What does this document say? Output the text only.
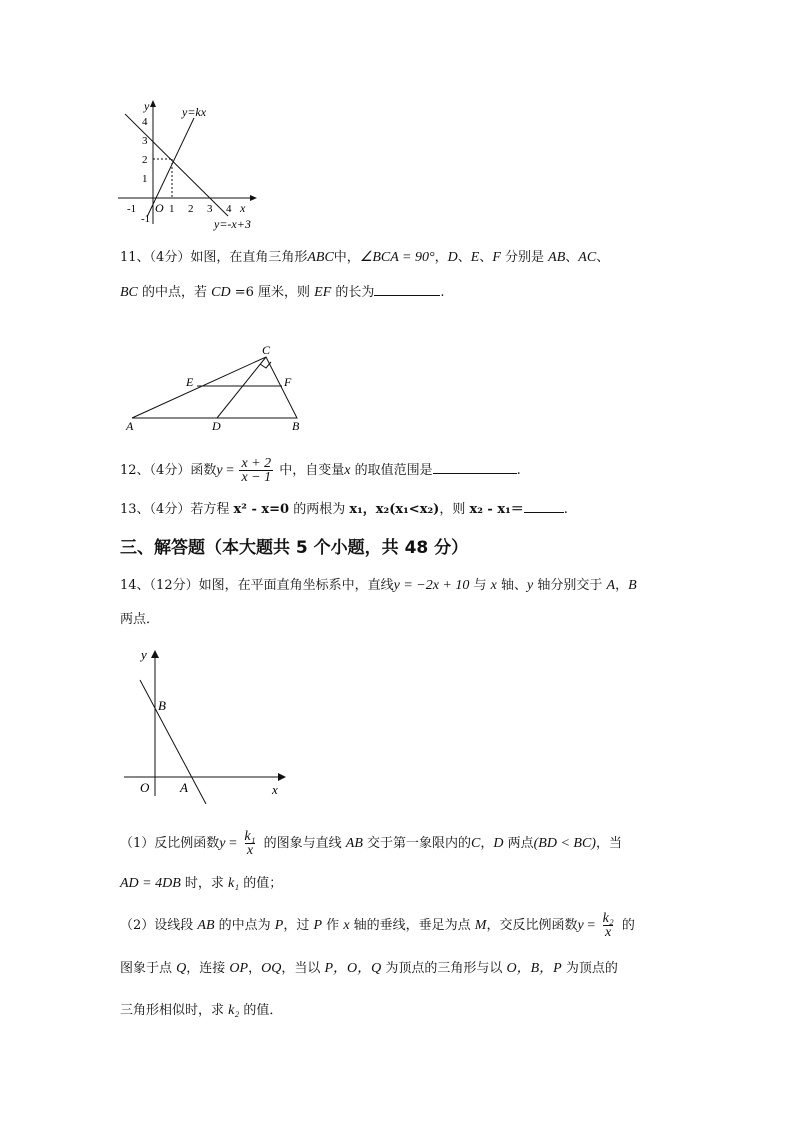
y
x
O
y=kx
y=-x+3
4
3
2
1
-1
-1	1 2 3 4
11、（4分）如图，在直角三角形ABC中，∠BCA = 90°，D、E、F 分别是 AB、AC、
BC 的中点，若 CD =6 厘米，则 EF 的长为	.
A	D	B
C
E	F
12、（4分）函数$y = \frac{x + 2}{x - 1}$ 中，自变量x 的取值范围是	.
13、（4分）若方程 x² - x=0 的两根为 x₁，x₂(x₁<x₂)，则 x₂ - x₁＝	.
三、解答题（本大题共 5 个小题，共 48 分）
14、（12分）如图，在平面直角坐标系中，直线y = −2x + 10 与 x 轴、y 轴分别交于 A，B
两点．
y
x
O A
B
（1）反比例函数$y = \frac{\text{k₁}}{x}$ 的图象与直线 AB 交于第一象限内的C，D 两点(BD < BC)，当
AD = 4DB 时，求 k₁ 的值；
（2）设线段 AB 的中点为 P，过 P 作 x 轴的垂线，垂足为点 M，交反比例函数$y = \frac{\text{k₂}}{x}$ 的
图象于点 Q，连接 OP，OQ，当以 P，O，Q 为顶点的三角形与以 O，B，P 为顶点的
三角形相似时，求 k₂ 的值．
